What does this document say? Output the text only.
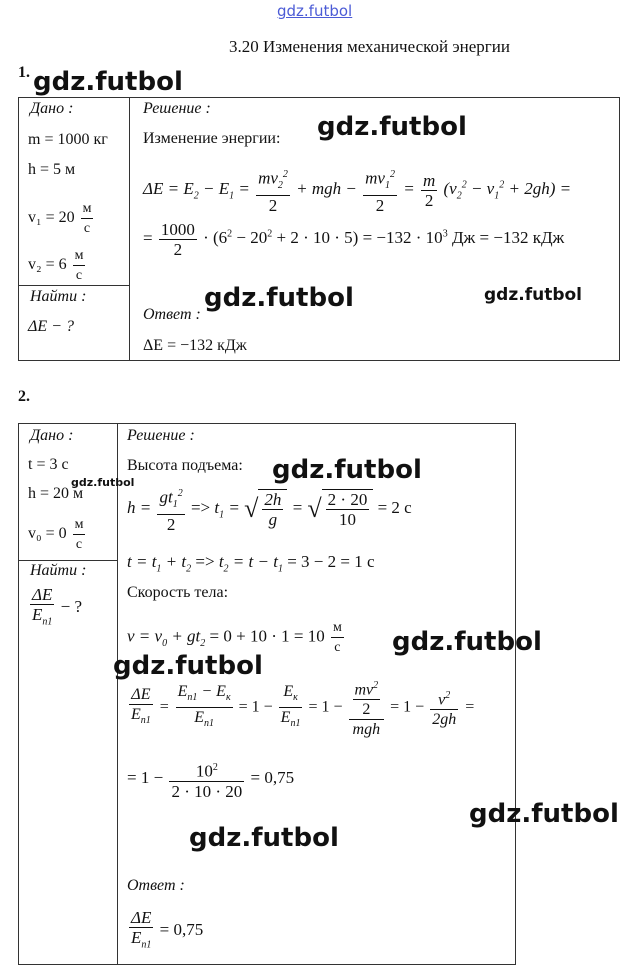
gdz.futbol
3.20 Изменения механической энергии
1.
Дано :
m = 1000 кг
h = 5 м
$v_1 = 20 \frac{м}{с}$
$v_2 = 6 \frac{м}{с}$
Найти :
ΔE − ?
Решение :
Изменение энергии:
$\Delta E = E_2 - E_1 = \frac{mv_2^2}{2}$ + mgh − $\frac{mv_1^2}{2} = \frac{m}{2} (v_2^2 - v_1^2 + 2gh)$ =
= $\frac{1000}{2} \cdot (6^2 - 20^2 + 2 \cdot 10 \cdot 5) = -132 \cdot 10^3$ Дж = −132 кДж
Ответ :
ΔE = −132 кДж
gdz.futbol
gdz.futbol
gdz.futbol	gdz.futbol
2.
Дано :
t = 3 с
h = 20 м
$v_0 = 0 \frac{м}{с}$
Найти :
$\frac{\Delta E}{E_{п1}}$ − ?
Решение :
Высота подъема:
$h = \frac{gt_1^2}{2} => t_1$ = √ $\frac{2h}{g}$ = √ $\frac{2 \cdot 20}{10} = 2$ с
$t = t_1 + t_2 => t_2 = t - t_1 = 3 - 2 = 1$ с
Скорость тела:
$v = v_0 + gt_2 = 0 + 10 \cdot 1 = 10 \frac{м}{с}$
$\frac{\Delta E}{E_{п1}} = \frac{E_{п1} - E_к}{E_{п1}} = 1 - \frac{E_к}{E_{п1}} = 1 - \frac{\frac{mv^2}{2}}{\text{mgh}} = 1 - \frac{v^2}{2gh}$ =
= $1 - \frac{10^2}{2 \cdot 10 \cdot 20} = 0,75$
Ответ :
$\frac{\Delta E}{E_{п1}} = 0,75$
gdz.futbol
gdz.futbol
gdz.futbol
gdz.futbol
gdz.futbol
gdz.futbol
